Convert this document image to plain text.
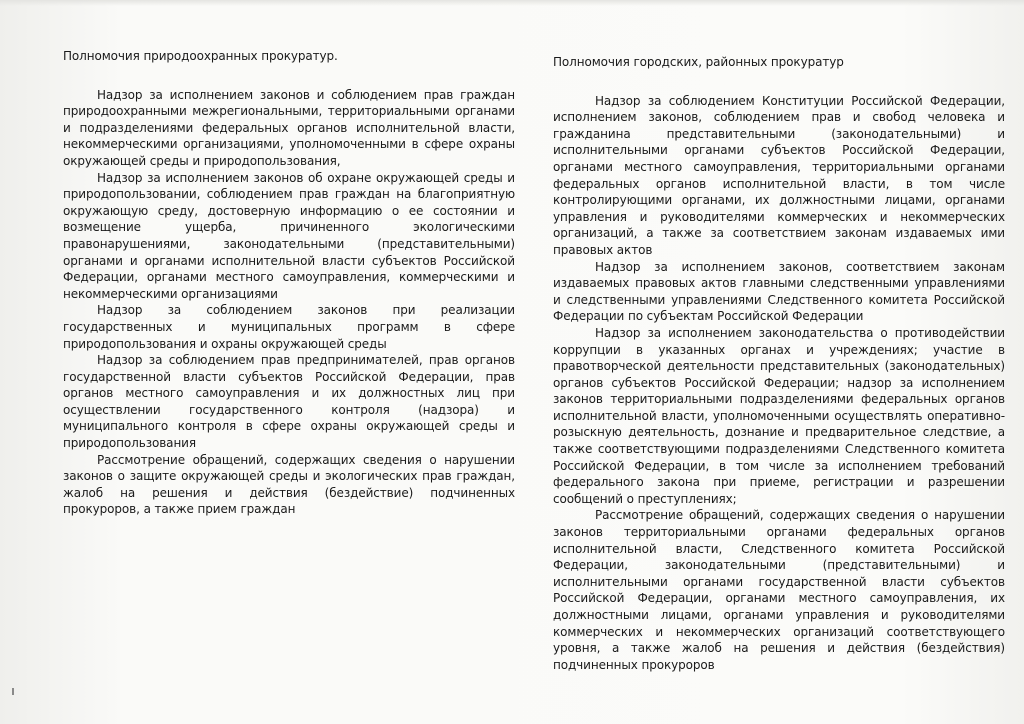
Полномочия природоохранных прокуратур.

Надзор за исполнением законов и соблюдением прав граждан природоохранными межрегиональными, территориальными органами и подразделениями федеральных органов исполнительной власти, некоммерческими организациями, уполномоченными в сфере охраны окружающей среды и природопользования,

Надзор за исполнением законов об охране окружающей среды и природопользовании, соблюдением прав граждан на благоприятную окружающую среду, достоверную информацию о ее состоянии и возмещение ущерба, причиненного экологическими правонарушениями, законодательными (представительными) органами и органами исполнительной власти субъектов Российской Федерации, органами местного самоуправления, коммерческими и некоммерческими организациями

Надзор за соблюдением законов при реализации государственных и муниципальных программ в сфере природопользования и охраны окружающей среды

Надзор за соблюдением прав предпринимателей, прав органов государственной власти субъектов Российской Федерации, прав органов местного самоуправления и их должностных лиц при осуществлении государственного контроля (надзора) и муниципального контроля в сфере охраны окружающей среды и природопользования

Рассмотрение обращений, содержащих сведения о нарушении законов о защите окружающей среды и экологических прав граждан, жалоб на решения и действия (бездействие) подчиненных прокуроров, а также прием граждан

Полномочия городских, районных прокуратур

Надзор за соблюдением Конституции Российской Федерации, исполнением законов, соблюдением прав и свобод человека и гражданина представительными (законодательными) и исполнительными органами субъектов Российской Федерации, органами местного самоуправления, территориальными органами федеральных органов исполнительной власти, в том числе контролирующими органами, их должностными лицами, органами управления и руководителями коммерческих и некоммерческих организаций, а также за соответствием законам издаваемых ими правовых актов

Надзор за исполнением законов, соответствием законам издаваемых правовых актов главными следственными управлениями и следственными управлениями Следственного комитета Российской Федерации по субъектам Российской Федерации

Надзор за исполнением законодательства о противодействии коррупции в указанных органах и учреждениях; участие в правотворческой деятельности представительных (законодательных) органов субъектов Российской Федерации; надзор за исполнением законов территориальными подразделениями федеральных органов исполнительной власти, уполномоченными осуществлять оперативно-розыскную деятельность, дознание и предварительное следствие, а также соответствующими подразделениями Следственного комитета Российской Федерации, в том числе за исполнением требований федерального закона при приеме, регистрации и разрешении сообщений о преступлениях;

Рассмотрение обращений, содержащих сведения о нарушении законов территориальными органами федеральных органов исполнительной власти, Следственного комитета Российской Федерации, законодательными (представительными) и исполнительными органами государственной власти субъектов Российской Федерации, органами местного самоуправления, их должностными лицами, органами управления и руководителями коммерческих и некоммерческих организаций соответствующего уровня, а также жалоб на решения и действия (бездействия) подчиненных прокуроров
